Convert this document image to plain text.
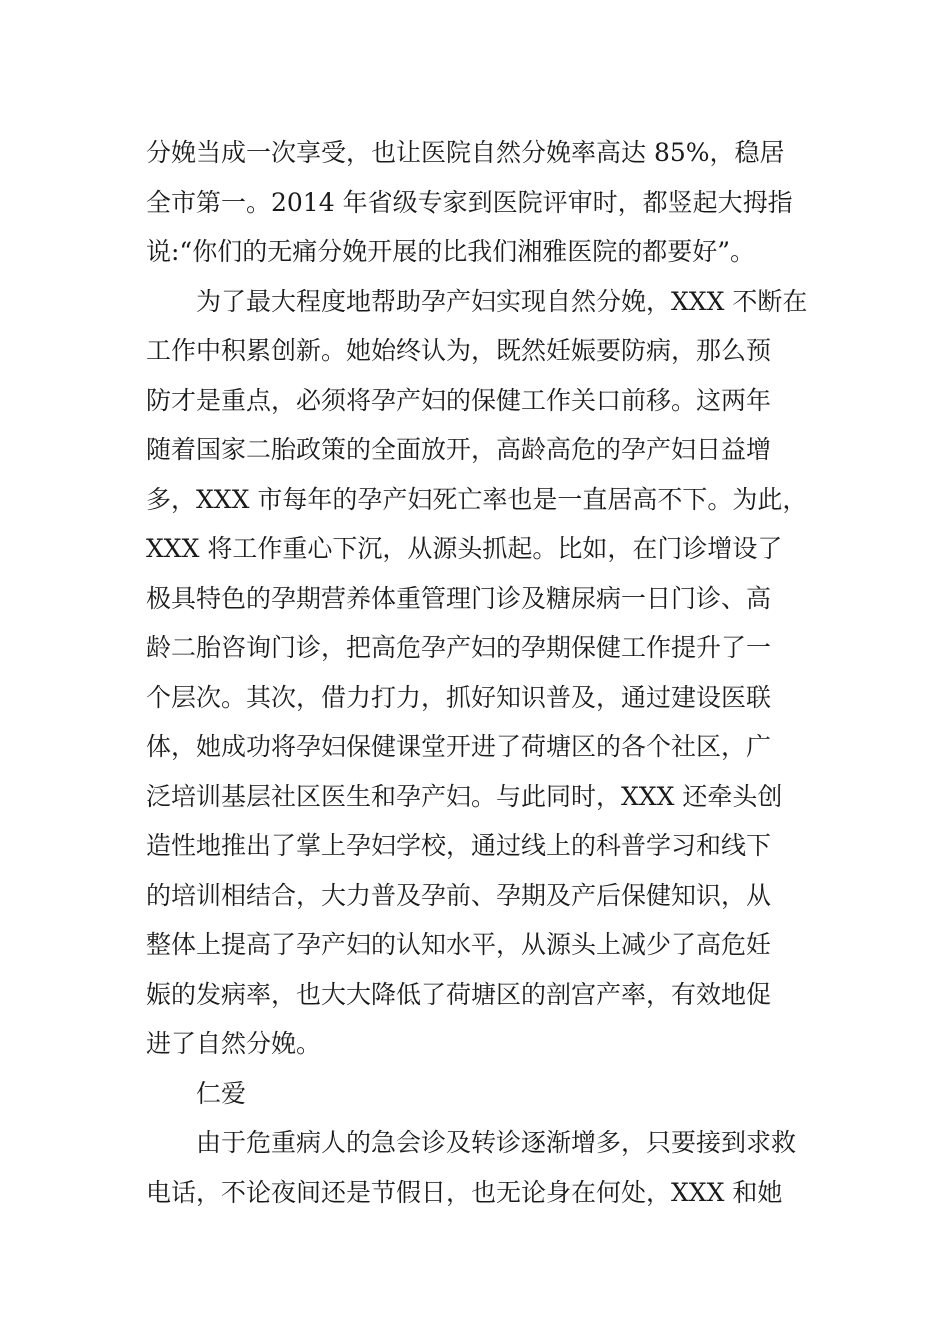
分娩当成一次享受，也让医院自然分娩率高达 85%，稳居
全市第一。2014 年省级专家到医院评审时，都竖起大拇指
说:“你们的无痛分娩开展的比我们湘雅医院的都要好”。
为了最大程度地帮助孕产妇实现自然分娩，XXX 不断在
工作中积累创新。她始终认为，既然妊娠要防病，那么预
防才是重点，必须将孕产妇的保健工作关口前移。这两年
随着国家二胎政策的全面放开，高龄高危的孕产妇日益增
多，XXX 市每年的孕产妇死亡率也是一直居高不下。为此，
XXX 将工作重心下沉，从源头抓起。比如，在门诊增设了
极具特色的孕期营养体重管理门诊及糖尿病一日门诊、高
龄二胎咨询门诊，把高危孕产妇的孕期保健工作提升了一
个层次。其次，借力打力，抓好知识普及，通过建设医联
体，她成功将孕妇保健课堂开进了荷塘区的各个社区，广
泛培训基层社区医生和孕产妇。与此同时，XXX 还牵头创
造性地推出了掌上孕妇学校，通过线上的科普学习和线下
的培训相结合，大力普及孕前、孕期及产后保健知识，从
整体上提高了孕产妇的认知水平，从源头上减少了高危妊
娠的发病率，也大大降低了荷塘区的剖宫产率，有效地促
进了自然分娩。
仁爱
由于危重病人的急会诊及转诊逐渐增多，只要接到求救
电话，不论夜间还是节假日，也无论身在何处，XXX 和她
